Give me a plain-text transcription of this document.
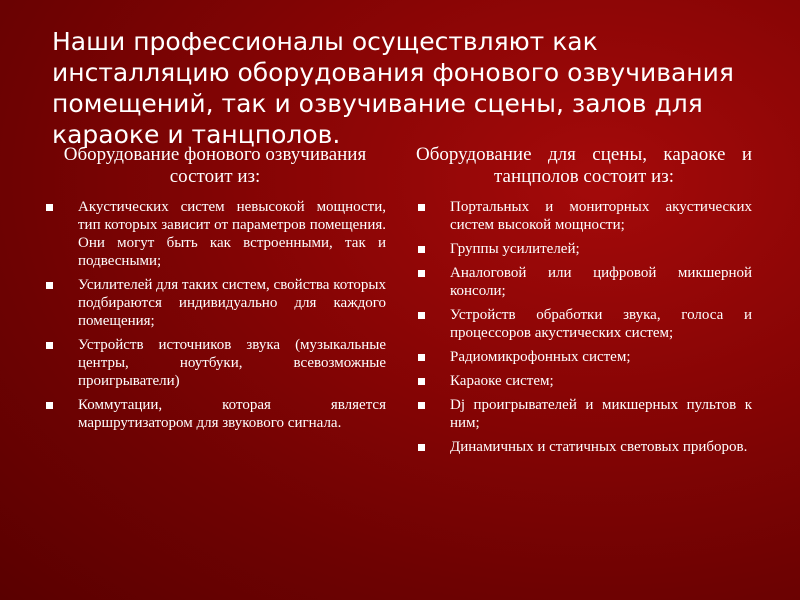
Наши профессионалы осуществляют как инсталляцию оборудования фонового озвучивания помещений, так и озвучивание сцены, залов для караоке и танцполов.
Оборудование фонового озвучивания состоит из:
Акустических систем невысокой мощности, тип которых зависит от параметров помещения. Они могут быть как встроенными, так и подвесными;
Усилителей для таких систем, свойства которых подбираются индивидуально для каждого помещения;
Устройств источников звука (музыкальные центры, ноутбуки, всевозможные проигрыватели)
Коммутации, которая является маршрутизатором для звукового сигнала.
Оборудование для сцены, караоке и танцполов состоит из:
Портальных и мониторных акустических систем высокой мощности;
Группы усилителей;
Аналоговой или цифровой микшерной консоли;
Устройств обработки звука, голоса и процессоров акустических систем;
Радиомикрофонных систем;
Караоке систем;
Dj проигрывателей и микшерных пультов к ним;
Динамичных и статичных световых приборов.
